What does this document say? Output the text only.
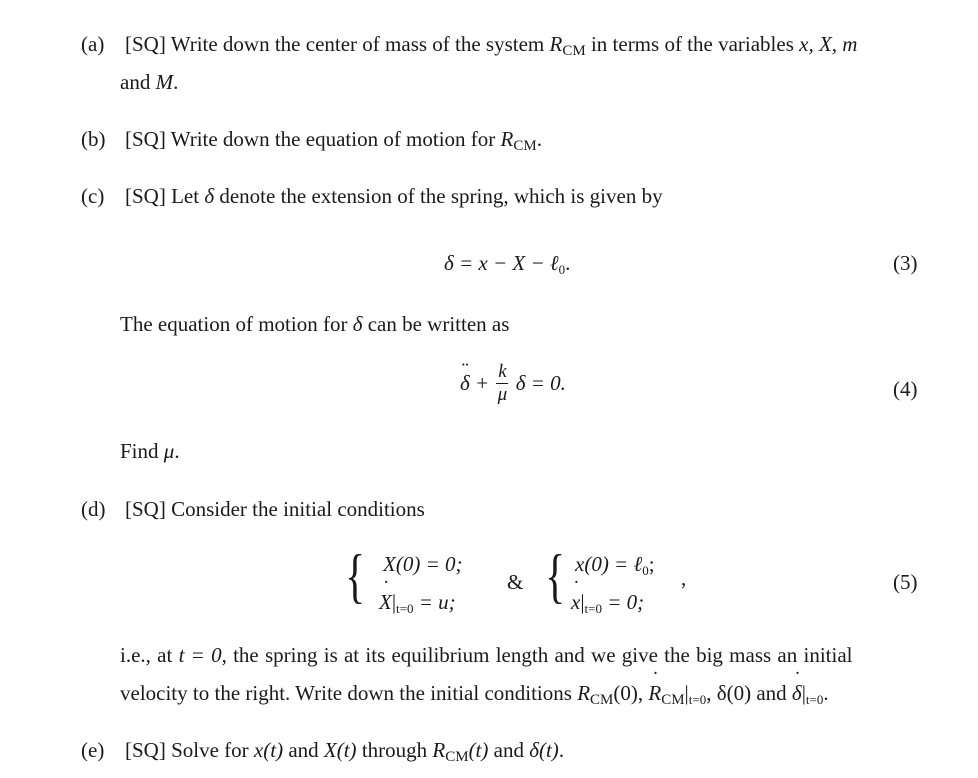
(a) [SQ] Write down the center of mass of the system $R_{CM}$ in terms of the variables x, X, m
and M.
(b) [SQ] Write down the equation of motion for $R_{CM}$.
(c) [SQ] Let δ denote the extension of the spring, which is given by
δ = x − X − ℓ$_0$.	(3)
The equation of motion for δ can be written as
δ ¨ + $\frac{k}{\mu}$ δ = 0.	(4)
Find μ.
(d) [SQ] Consider the initial conditions
{ X(0) = 0;
X $˙|_{t=0} = u$;
& { x(0) = ℓ$_0$;
x $˙|_{t=0} = 0$;
,	(5)
i.e., at t = 0, the spring is at its equilibrium length and we give the big mass an initial
velocity to the right. Write down the initial conditions $R_{CM}(0)$, R $˙_{CM}|_{t=0}$, δ(0) and δ $˙|_{t=0}$.
(e) [SQ] Solve for x(t) and X(t) through $R_{CM}(t)$ and δ(t).
